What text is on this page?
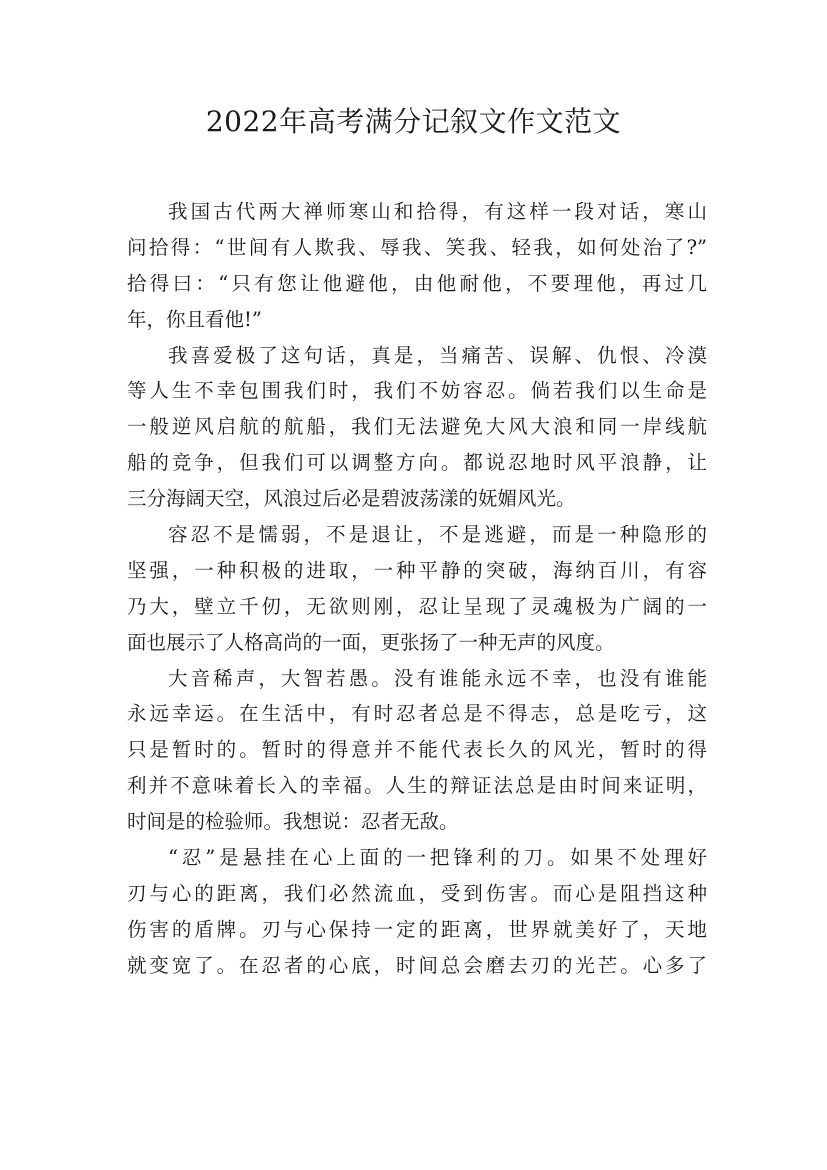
2022年高考满分记叙文作文范文
我国古代两大禅师寒山和拾得，有这样一段对话，寒山
问拾得：“世间有人欺我、辱我、笑我、轻我，如何处治了?”
拾得曰：“只有您让他避他，由他耐他，不要理他，再过几
年，你且看他!”
我喜爱极了这句话，真是，当痛苦、误解、仇恨、冷漠
等人生不幸包围我们时，我们不妨容忍。倘若我们以生命是
一般逆风启航的航船，我们无法避免大风大浪和同一岸线航
船的竞争，但我们可以调整方向。都说忍地时风平浪静，让
三分海阔天空，风浪过后必是碧波荡漾的妩媚风光。
容忍不是懦弱，不是退让，不是逃避，而是一种隐形的
坚强，一种积极的进取，一种平静的突破，海纳百川，有容
乃大，壁立千仞，无欲则刚，忍让呈现了灵魂极为广阔的一
面也展示了人格高尚的一面，更张扬了一种无声的风度。
大音稀声，大智若愚。没有谁能永远不幸，也没有谁能
永远幸运。在生活中，有时忍者总是不得志，总是吃亏，这
只是暂时的。暂时的得意并不能代表长久的风光，暂时的得
利并不意味着长入的幸福。人生的辩证法总是由时间来证明，
时间是的检验师。我想说：忍者无敌。
“忍”是悬挂在心上面的一把锋利的刀。如果不处理好
刃与心的距离，我们必然流血，受到伤害。而心是阻挡这种
伤害的盾牌。刃与心保持一定的距离，世界就美好了，天地
就变宽了。在忍者的心底，时间总会磨去刃的光芒。心多了
